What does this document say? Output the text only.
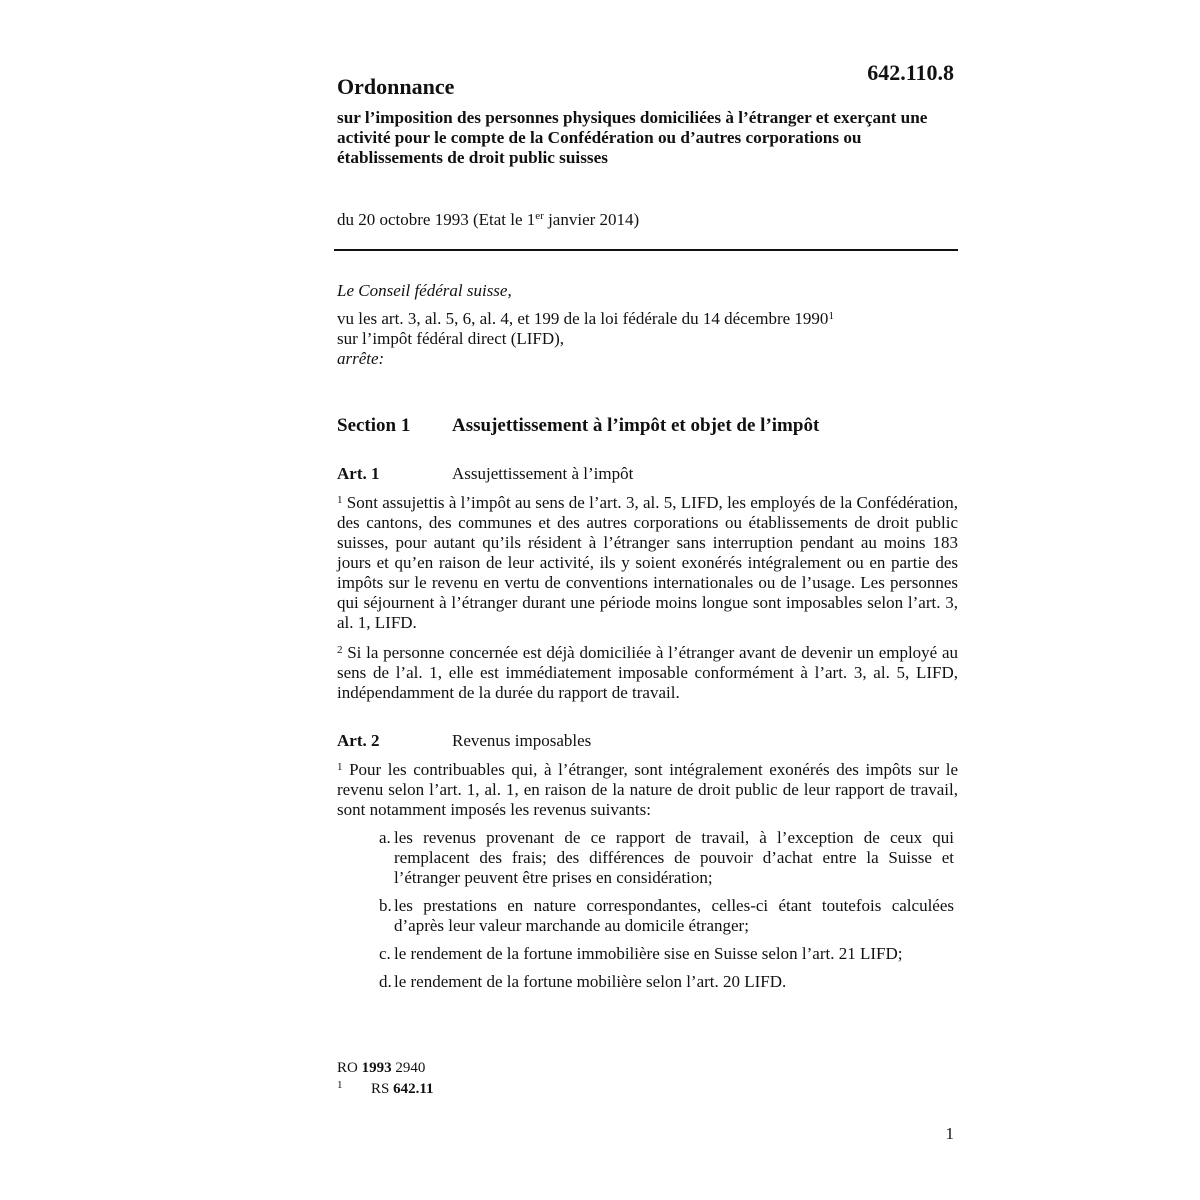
642.110.8
Ordonnance
sur l’imposition des personnes physiques domiciliées à l’étranger et exerçant une activité pour le compte de la Confédération ou d’autres corporations ou établissements de droit public suisses
du 20 octobre 1993 (Etat le 1er janvier 2014)
Le Conseil fédéral suisse,
vu les art. 3, al. 5, 6, al. 4, et 199 de la loi fédérale du 14 décembre 1990$^1$
sur l’impôt fédéral direct (LIFD),
arrête:
Section 1 Assujettissement à l’impôt et objet de l’impôt
Art. 1	Assujettissement à l’impôt
$^1$ Sont assujettis à l’impôt au sens de l’art. 3, al. 5, LIFD, les employés de la Confédération, des cantons, des communes et des autres corporations ou établissements de droit public suisses, pour autant qu’ils résident à l’étranger sans interruption pendant au moins 183 jours et qu’en raison de leur activité, ils y soient exonérés intégralement ou en partie des impôts sur le revenu en vertu de conventions internationales ou de l’usage. Les personnes qui séjournent à l’étranger durant une période moins longue sont imposables selon l’art. 3, al. 1, LIFD.
$^2$ Si la personne concernée est déjà domiciliée à l’étranger avant de devenir un employé au sens de l’al. 1, elle est immédiatement imposable conformément à l’art. 3, al. 5, LIFD, indépendamment de la durée du rapport de travail.
Art. 2	Revenus imposables
$^1$ Pour les contribuables qui, à l’étranger, sont intégralement exonérés des impôts sur le revenu selon l’art. 1, al. 1, en raison de la nature de droit public de leur rapport de travail, sont notamment imposés les revenus suivants:
a. les revenus provenant de ce rapport de travail, à l’exception de ceux qui remplacent des frais; des différences de pouvoir d’achat entre la Suisse et l’étranger peuvent être prises en considération;
b. les prestations en nature correspondantes, celles-ci étant toutefois calculées d’après leur valeur marchande au domicile étranger;
c. le rendement de la fortune immobilière sise en Suisse selon l’art. 21 LIFD;
d. le rendement de la fortune mobilière selon l’art. 20 LIFD.
RO 1993 2940
1 RS 642.11
1
